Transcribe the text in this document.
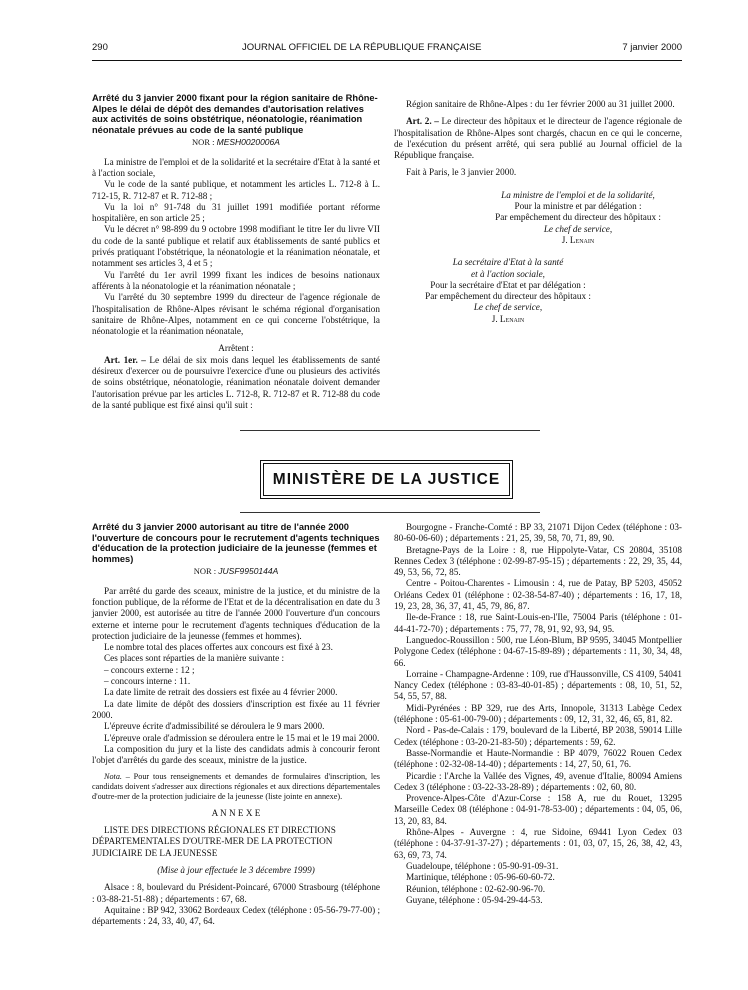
290	JOURNAL OFFICIEL DE LA RÉPUBLIQUE FRANÇAISE	7 janvier 2000

Arrêté du 3 janvier 2000 fixant pour la région sanitaire de Rhône-Alpes le délai de dépôt des demandes d'autorisation relatives aux activités de soins obstétrique, néonatologie, réanimation néonatale prévues au code de la santé publique

NOR : MESH0020006A

La ministre de l'emploi et de la solidarité et la secrétaire d'Etat à la santé et à l'action sociale,

Vu le code de la santé publique, et notamment les articles L. 712-8 à L. 712-15, R. 712-87 et R. 712-88 ;

Vu la loi n° 91-748 du 31 juillet 1991 modifiée portant réforme hospitalière, en son article 25 ;

Vu le décret n° 98-899 du 9 octobre 1998 modifiant le titre Ier du livre VII du code de la santé publique et relatif aux établissements de santé publics et privés pratiquant l'obstétrique, la néonatologie et la réanimation néonatale, et notamment ses articles 3, 4 et 5 ;

Vu l'arrêté du 1er avril 1999 fixant les indices de besoins nationaux afférents à la néonatologie et la réanimation néonatale ;

Vu l'arrêté du 30 septembre 1999 du directeur de l'agence régionale de l'hospitalisation de Rhône-Alpes révisant le schéma régional d'organisation sanitaire de Rhône-Alpes, notamment en ce qui concerne l'obstétrique, la néonatologie et la réanimation néonatale,

Arrêtent :

Art. 1er. – Le délai de six mois dans lequel les établissements de santé désireux d'exercer ou de poursuivre l'exercice d'une ou plusieurs des activités de soins obstétrique, néonatologie, réanimation néonatale doivent demander l'autorisation prévue par les articles L. 712-8, R. 712-87 et R. 712-88 du code de la santé publique est fixé ainsi qu'il suit :

Région sanitaire de Rhône-Alpes : du 1er février 2000 au 31 juillet 2000.

Art. 2. – Le directeur des hôpitaux et le directeur de l'agence régionale de l'hospitalisation de Rhône-Alpes sont chargés, chacun en ce qui le concerne, de l'exécution du présent arrêté, qui sera publié au Journal officiel de la République française.

Fait à Paris, le 3 janvier 2000.

La ministre de l'emploi et de la solidarité,

Pour la ministre et par délégation :

Par empêchement du directeur des hôpitaux :

Le chef de service,

J. Lenain

La secrétaire d'Etat à la santé

et à l'action sociale,

Pour la secrétaire d'Etat et par délégation :

Par empêchement du directeur des hôpitaux :

Le chef de service,

J. Lenain

MINISTÈRE DE LA JUSTICE

Arrêté du 3 janvier 2000 autorisant au titre de l'année 2000 l'ouverture de concours pour le recrutement d'agents techniques d'éducation de la protection judiciaire de la jeunesse (femmes et hommes)

NOR : JUSF9950144A

Par arrêté du garde des sceaux, ministre de la justice, et du ministre de la fonction publique, de la réforme de l'Etat et de la décentralisation en date du 3 janvier 2000, est autorisée au titre de l'année 2000 l'ouverture d'un concours externe et interne pour le recrutement d'agents techniques d'éducation de la protection judiciaire de la jeunesse (femmes et hommes).

Le nombre total des places offertes aux concours est fixé à 23.

Ces places sont réparties de la manière suivante :

– concours externe : 12 ;

– concours interne : 11.

La date limite de retrait des dossiers est fixée au 4 février 2000.

La date limite de dépôt des dossiers d'inscription est fixée au 11 février 2000.

L'épreuve écrite d'admissibilité se déroulera le 9 mars 2000.

L'épreuve orale d'admission se déroulera entre le 15 mai et le 19 mai 2000.

La composition du jury et la liste des candidats admis à concourir feront l'objet d'arrêtés du garde des sceaux, ministre de la justice.

Nota. – Pour tous renseignements et demandes de formulaires d'inscription, les candidats doivent s'adresser aux directions régionales et aux directions départementales d'outre-mer de la protection judiciaire de la jeunesse (liste jointe en annexe).

A N N E X E

LISTE DES DIRECTIONS RÉGIONALES ET DIRECTIONS DÉPARTEMENTALES D'OUTRE-MER DE LA PROTECTION JUDICIAIRE DE LA JEUNESSE

(Mise à jour effectuée le 3 décembre 1999)

Alsace : 8, boulevard du Président-Poincaré, 67000 Strasbourg (téléphone : 03-88-21-51-88) ; départements : 67, 68.

Aquitaine : BP 942, 33062 Bordeaux Cedex (téléphone : 05-56-79-77-00) ; départements : 24, 33, 40, 47, 64.

Bourgogne - Franche-Comté : BP 33, 21071 Dijon Cedex (téléphone : 03-80-60-06-60) ; départements : 21, 25, 39, 58, 70, 71, 89, 90.

Bretagne-Pays de la Loire : 8, rue Hippolyte-Vatar, CS 20804, 35108 Rennes Cedex 3 (téléphone : 02-99-87-95-15) ; départements : 22, 29, 35, 44, 49, 53, 56, 72, 85.

Centre - Poitou-Charentes - Limousin : 4, rue de Patay, BP 5203, 45052 Orléans Cedex 01 (téléphone : 02-38-54-87-40) ; départements : 16, 17, 18, 19, 23, 28, 36, 37, 41, 45, 79, 86, 87.

Ile-de-France : 18, rue Saint-Louis-en-l'Ile, 75004 Paris (téléphone : 01-44-41-72-70) ; départements : 75, 77, 78, 91, 92, 93, 94, 95.

Languedoc-Roussillon : 500, rue Léon-Blum, BP 9595, 34045 Montpellier Polygone Cedex (téléphone : 04-67-15-89-89) ; départements : 11, 30, 34, 48, 66.

Lorraine - Champagne-Ardenne : 109, rue d'Haussonville, CS 4109, 54041 Nancy Cedex (téléphone : 03-83-40-01-85) ; départements : 08, 10, 51, 52, 54, 55, 57, 88.

Midi-Pyrénées : BP 329, rue des Arts, Innopole, 31313 Labège Cedex (téléphone : 05-61-00-79-00) ; départements : 09, 12, 31, 32, 46, 65, 81, 82.

Nord - Pas-de-Calais : 179, boulevard de la Liberté, BP 2038, 59014 Lille Cedex (téléphone : 03-20-21-83-50) ; départements : 59, 62.

Basse-Normandie et Haute-Normandie : BP 4079, 76022 Rouen Cedex (téléphone : 02-32-08-14-40) ; départements : 14, 27, 50, 61, 76.

Picardie : l'Arche la Vallée des Vignes, 49, avenue d'Italie, 80094 Amiens Cedex 3 (téléphone : 03-22-33-28-89) ; départements : 02, 60, 80.

Provence-Alpes-Côte d'Azur-Corse : 158 A, rue du Rouet, 13295 Marseille Cedex 08 (téléphone : 04-91-78-53-00) ; départements : 04, 05, 06, 13, 20, 83, 84.

Rhône-Alpes - Auvergne : 4, rue Sidoine, 69441 Lyon Cedex 03 (téléphone : 04-37-91-37-27) ; départements : 01, 03, 07, 15, 26, 38, 42, 43, 63, 69, 73, 74.

Guadeloupe, téléphone : 05-90-91-09-31.

Martinique, téléphone : 05-96-60-60-72.

Réunion, téléphone : 02-62-90-96-70.

Guyane, téléphone : 05-94-29-44-53.
